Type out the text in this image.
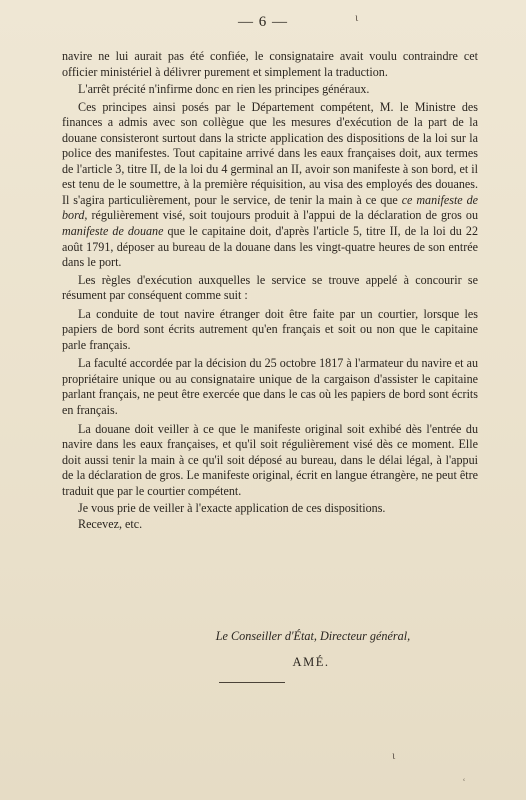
— 6 —

navire ne lui aurait pas été confiée, le consignataire avait voulu contraindre cet officier ministériel à délivrer purement et simplement la traduction.

L'arrêt précité n'infirme donc en rien les principes généraux.

Ces principes ainsi posés par le Département compétent, M. le Ministre des finances a admis avec son collègue que les mesures d'exécution de la part de la douane consisteront surtout dans la stricte application des dispositions de la loi sur la police des manifestes. Tout capitaine arrivé dans les eaux françaises doit, aux termes de l'article 3, titre II, de la loi du 4 germinal an II, avoir son manifeste à son bord, et il est tenu de le soumettre, à la première réquisition, au visa des employés des douanes. Il s'agira particulièrement, pour le service, de tenir la main à ce que ce manifeste de bord, régulièrement visé, soit toujours produit à l'appui de la déclaration de gros ou manifeste de douane que le capitaine doit, d'après l'article 5, titre II, de la loi du 22 août 1791, déposer au bureau de la douane dans les vingt-quatre heures de son entrée dans le port.

Les règles d'exécution auxquelles le service se trouve appelé à concourir se résument par conséquent comme suit :

La conduite de tout navire étranger doit être faite par un courtier, lorsque les papiers de bord sont écrits autrement qu'en français et soit ou non que le capitaine parle français.

La faculté accordée par la décision du 25 octobre 1817 à l'armateur du navire et au propriétaire unique ou au consignataire unique de la cargaison d'assister le capitaine parlant français, ne peut être exercée que dans le cas où les papiers de bord sont écrits en français.

La douane doit veiller à ce que le manifeste original soit exhibé dès l'entrée du navire dans les eaux françaises, et qu'il soit régulièrement visé dès ce moment. Elle doit aussi tenir la main à ce qu'il soit déposé au bureau, dans le délai légal, à l'appui de la déclaration de gros. Le manifeste original, écrit en langue étrangère, ne peut être traduit que par le courtier compétent.

Je vous prie de veiller à l'exacte application de ces dispositions.

Recevez, etc.

Le Conseiller d'État, Directeur général,
AMÉ.
ɩ
ɩ
ʿ
